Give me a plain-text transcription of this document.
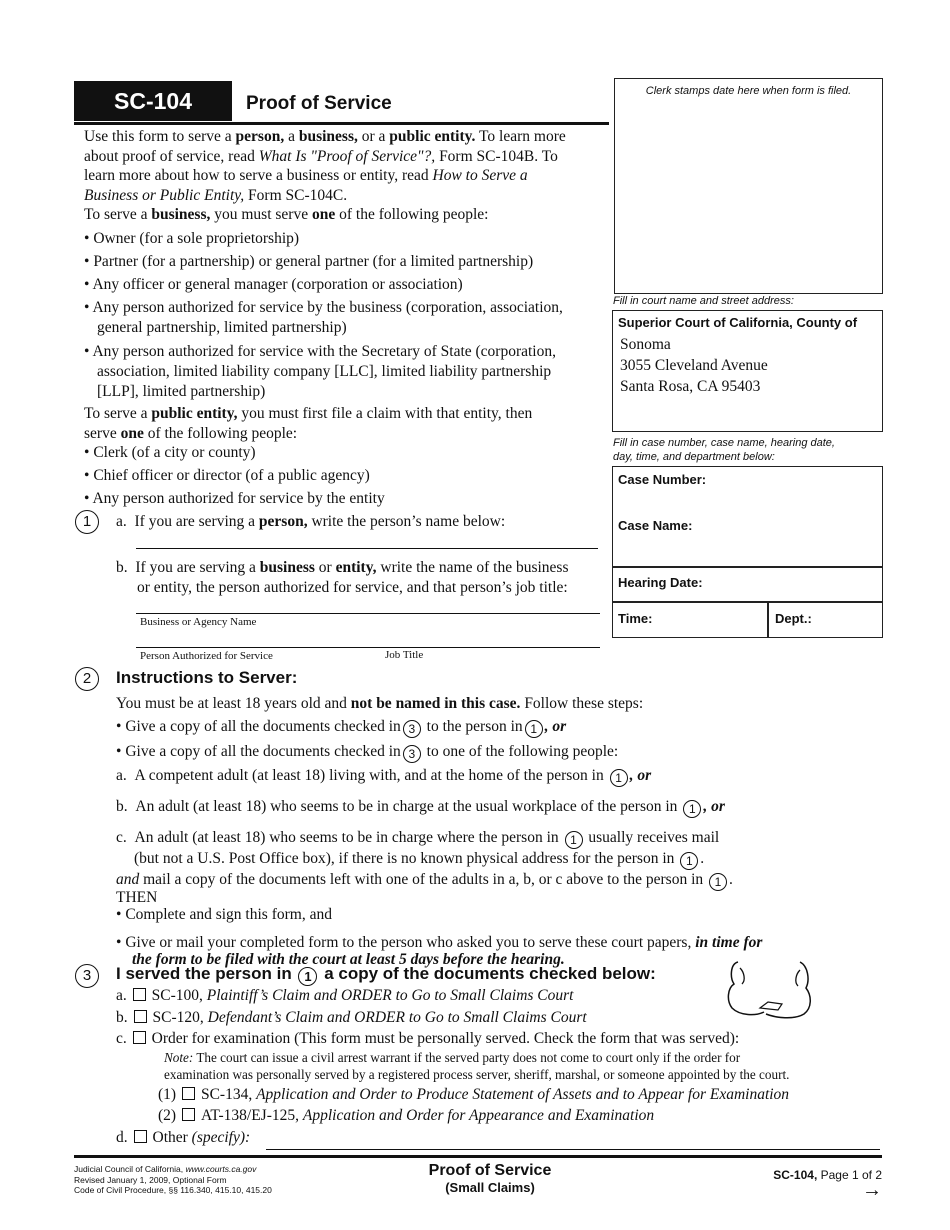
SC-104	Proof of Service
Clerk stamps date here when form is filed.
Fill in court name and street address:
Superior Court of California, County of
Sonoma
3055 Cleveland Avenue
Santa Rosa, CA 95403
Fill in case number, case name, hearing date,
day, time, and department below:
Case Number:
Case Name:
Hearing Date:
Time:	Dept.:
Use this form to serve a person, a business, or a public entity. To learn more
about proof of service, read What Is "Proof of Service"?, Form SC-104B. To
learn more about how to serve a business or entity, read How to Serve a
Business or Public Entity, Form SC-104C.
To serve a business, you must serve one of the following people:
• Owner (for a sole proprietorship)
• Partner (for a partnership) or general partner (for a limited partnership)
• Any officer or general manager (corporation or association)
• Any person authorized for service by the business (corporation, association,
general partnership, limited partnership)
• Any person authorized for service with the Secretary of State (corporation,
association, limited liability company [LLC], limited liability partnership
[LLP], limited partnership)
To serve a public entity, you must first file a claim with that entity, then
serve one of the following people:
• Clerk (of a city or county)
• Chief officer or director (of a public agency)
• Any person authorized for service by the entity
1	a. If you are serving a person, write the person’s name below:
b. If you are serving a business or entity, write the name of the business
or entity, the person authorized for service, and that person’s job title:
Business or Agency Name
Person Authorized for Service	Job Title
2	Instructions to Server:
You must be at least 18 years old and not be named in this case. Follow these steps:
• Give a copy of all the documents checked in 3 to the person in 1 , or
• Give a copy of all the documents checked in 3 to one of the following people:
a. A competent adult (at least 18) living with, and at the home of the person in 1 , or
b. An adult (at least 18) who seems to be in charge at the usual workplace of the person in 1 , or
c. An adult (at least 18) who seems to be in charge where the person in 1 usually receives mail
(but not a U.S. Post Office box), if there is no known physical address for the person in 1 .
and mail a copy of the documents left with one of the adults in a, b, or c above to the person in 1 .
THEN
• Complete and sign this form, and
• Give or mail your completed form to the person who asked you to serve these court papers, in time for
the form to be filed with the court at least 5 days before the hearing.
3	I served the person in 1 a copy of the documents checked below:
a. SC-100, Plaintiff’s Claim and ORDER to Go to Small Claims Court
b. SC-120, Defendant’s Claim and ORDER to Go to Small Claims Court
c. Order for examination (This form must be personally served. Check the form that was served):
Note: The court can issue a civil arrest warrant if the served party does not come to court only if the order for
examination was personally served by a registered process server, sheriff, marshal, or someone appointed by the court.
(1) SC-134, Application and Order to Produce Statement of Assets and to Appear for Examination
(2) AT-138/EJ-125, Application and Order for Appearance and Examination
d. Other (specify):
Judicial Council of California, www.courts.ca.gov
Revised January 1, 2009, Optional Form
Code of Civil Procedure, §§ 116.340, 415.10, 415.20
Proof of Service
(Small Claims)
SC-104, Page 1 of 2
→
